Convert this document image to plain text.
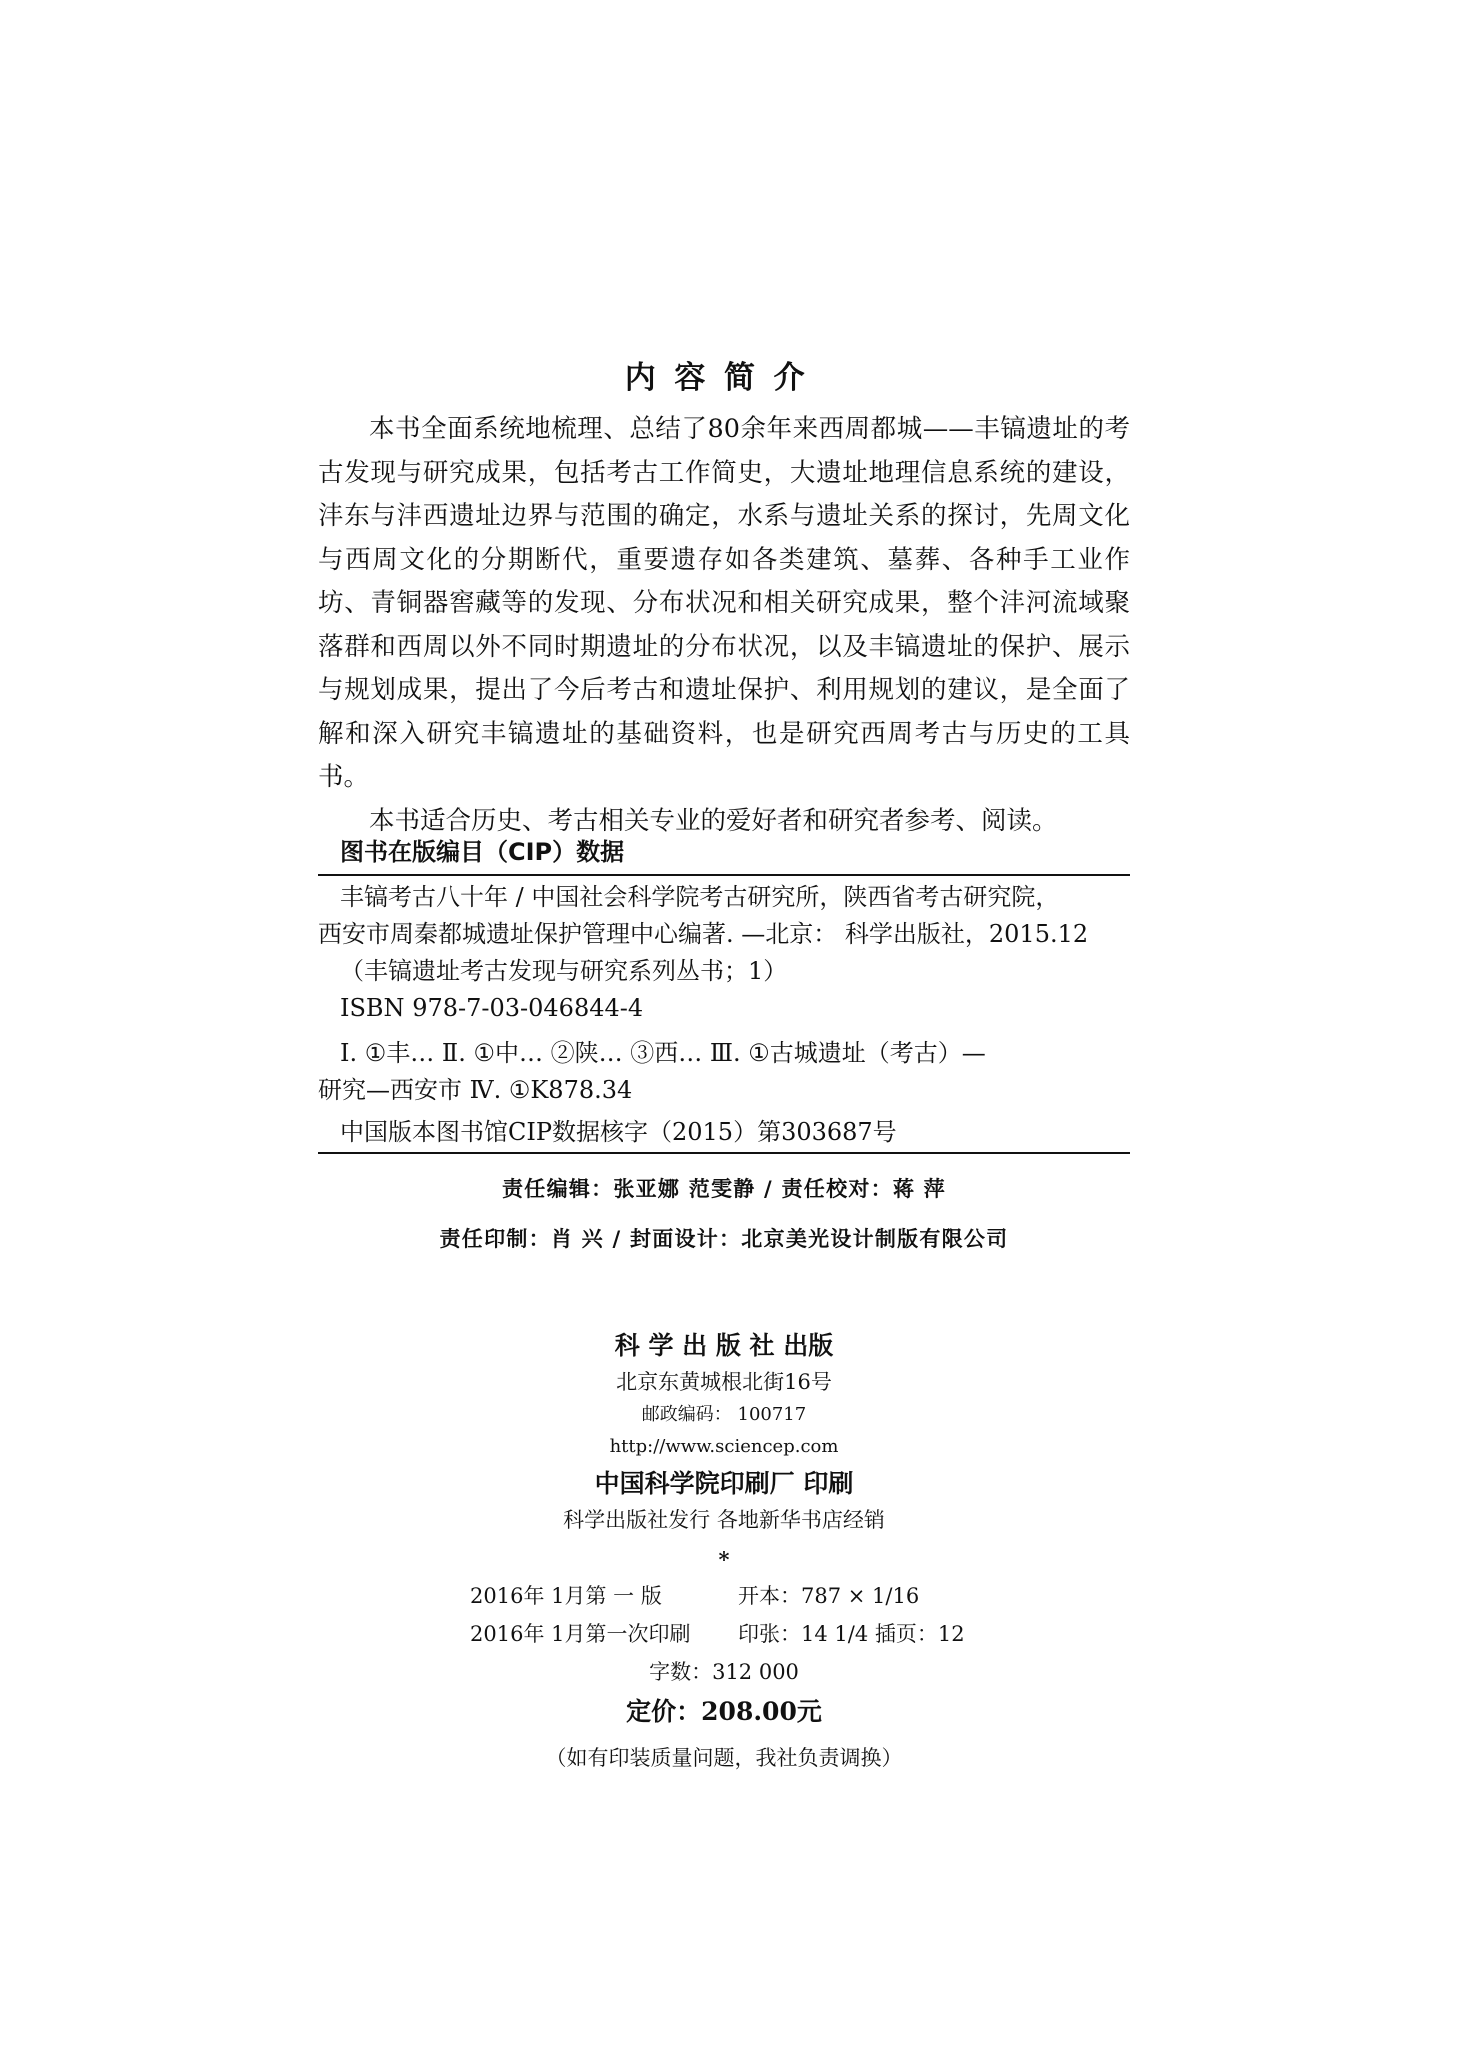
内容简介

本书全面系统地梳理、总结了80余年来西周都城——丰镐遗址的考古发现与研究成果，包括考古工作简史，大遗址地理信息系统的建设，沣东与沣西遗址边界与范围的确定，水系与遗址关系的探讨，先周文化与西周文化的分期断代，重要遗存如各类建筑、墓葬、各种手工业作坊、青铜器窖藏等的发现、分布状况和相关研究成果，整个沣河流域聚落群和西周以外不同时期遗址的分布状况，以及丰镐遗址的保护、展示与规划成果，提出了今后考古和遗址保护、利用规划的建议，是全面了解和深入研究丰镐遗址的基础资料，也是研究西周考古与历史的工具书。

本书适合历史、考古相关专业的爱好者和研究者参考、阅读。

图书在版编目（CIP）数据
丰镐考古八十年 / 中国社会科学院考古研究所，陕西省考古研究院，
西安市周秦都城遗址保护管理中心编著. —北京： 科学出版社，2015.12
（丰镐遗址考古发现与研究系列丛书；1）
ISBN 978-7-03-046844-4
Ⅰ. ①丰… Ⅱ. ①中… ②陕… ③西… Ⅲ. ①古城遗址（考古）—
研究—西安市 Ⅳ. ①K878.34
中国版本图书馆CIP数据核字（2015）第303687号
责任编辑：张亚娜 范雯静 / 责任校对：蒋 萍
责任印制：肖 兴 / 封面设计：北京美光设计制版有限公司
科 学 出 版 社 出版
北京东黄城根北街16号
邮政编码： 100717
http://www.sciencep.com
中国科学院印刷厂 印刷
科学出版社发行 各地新华书店经销
*
2016年 1月第 一 版	开本：787 × 1/16
2016年 1月第一次印刷 印张：14 1/4 插页：12
字数：312 000
定价：208.00元
（如有印装质量问题，我社负责调换）
